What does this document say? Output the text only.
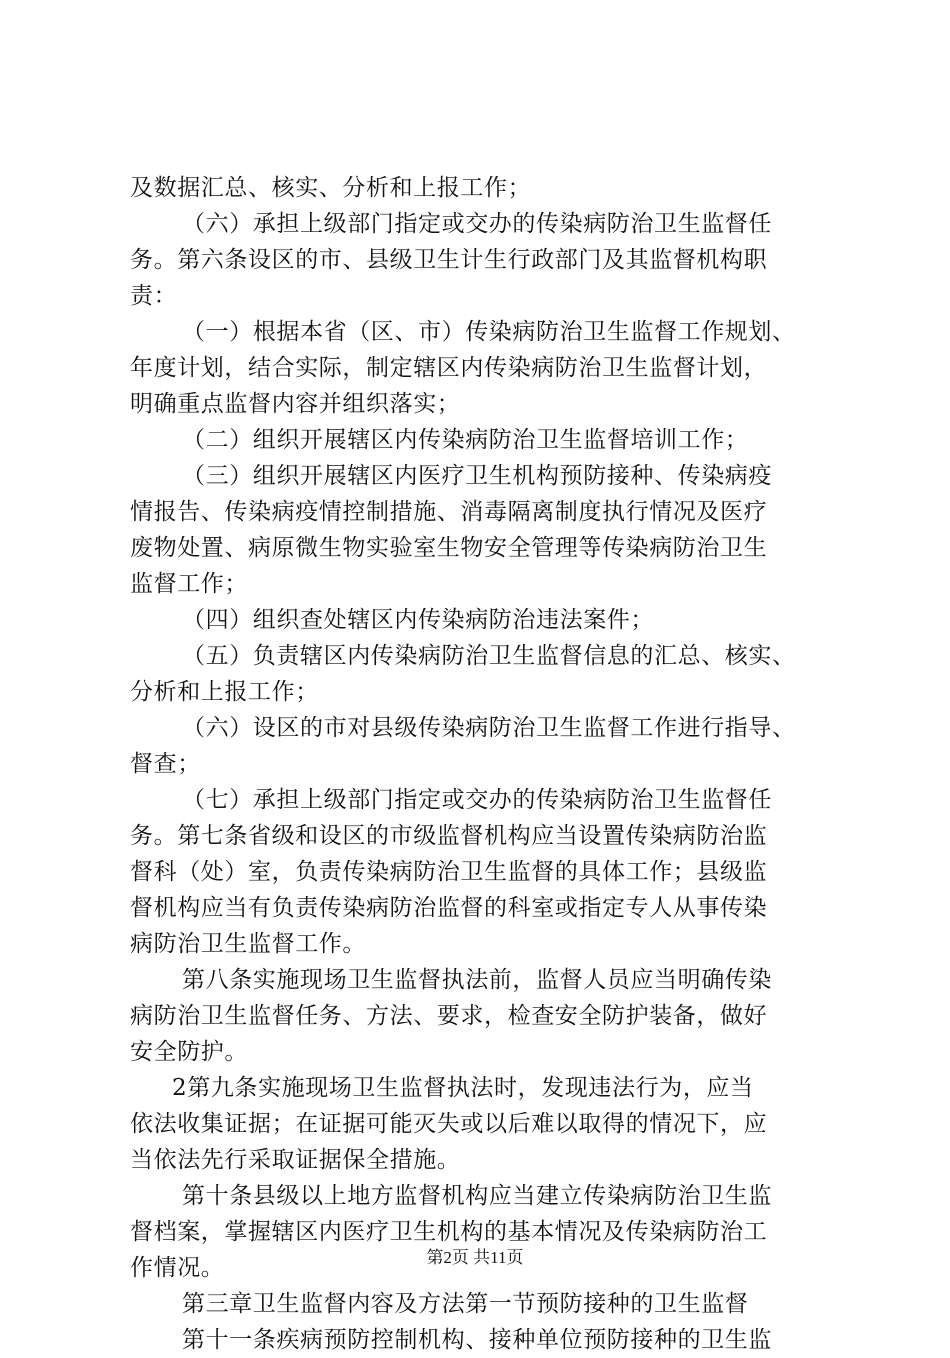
及数据汇总、核实、分析和上报工作；
（六）承担上级部门指定或交办的传染病防治卫生监督任
务。第六条设区的市、县级卫生计生行政部门及其监督机构职
责：
（一）根据本省（区、市）传染病防治卫生监督工作规划、
年度计划，结合实际，制定辖区内传染病防治卫生监督计划，
明确重点监督内容并组织落实；
（二）组织开展辖区内传染病防治卫生监督培训工作；
（三）组织开展辖区内医疗卫生机构预防接种、传染病疫
情报告、传染病疫情控制措施、消毒隔离制度执行情况及医疗
废物处置、病原微生物实验室生物安全管理等传染病防治卫生
监督工作；
（四）组织查处辖区内传染病防治违法案件；
（五）负责辖区内传染病防治卫生监督信息的汇总、核实、
分析和上报工作；
（六）设区的市对县级传染病防治卫生监督工作进行指导、
督查；
（七）承担上级部门指定或交办的传染病防治卫生监督任
务。第七条省级和设区的市级监督机构应当设置传染病防治监
督科（处）室，负责传染病防治卫生监督的具体工作；县级监
督机构应当有负责传染病防治监督的科室或指定专人从事传染
病防治卫生监督工作。
第八条实施现场卫生监督执法前，监督人员应当明确传染
病防治卫生监督任务、方法、要求，检查安全防护装备，做好
安全防护。
2第九条实施现场卫生监督执法时，发现违法行为，应当
依法收集证据；在证据可能灭失或以后难以取得的情况下，应
当依法先行采取证据保全措施。
第十条县级以上地方监督机构应当建立传染病防治卫生监
督档案，掌握辖区内医疗卫生机构的基本情况及传染病防治工
作情况。
第三章卫生监督内容及方法第一节预防接种的卫生监督
第十一条疾病预防控制机构、接种单位预防接种的卫生监
第2页 共11页
